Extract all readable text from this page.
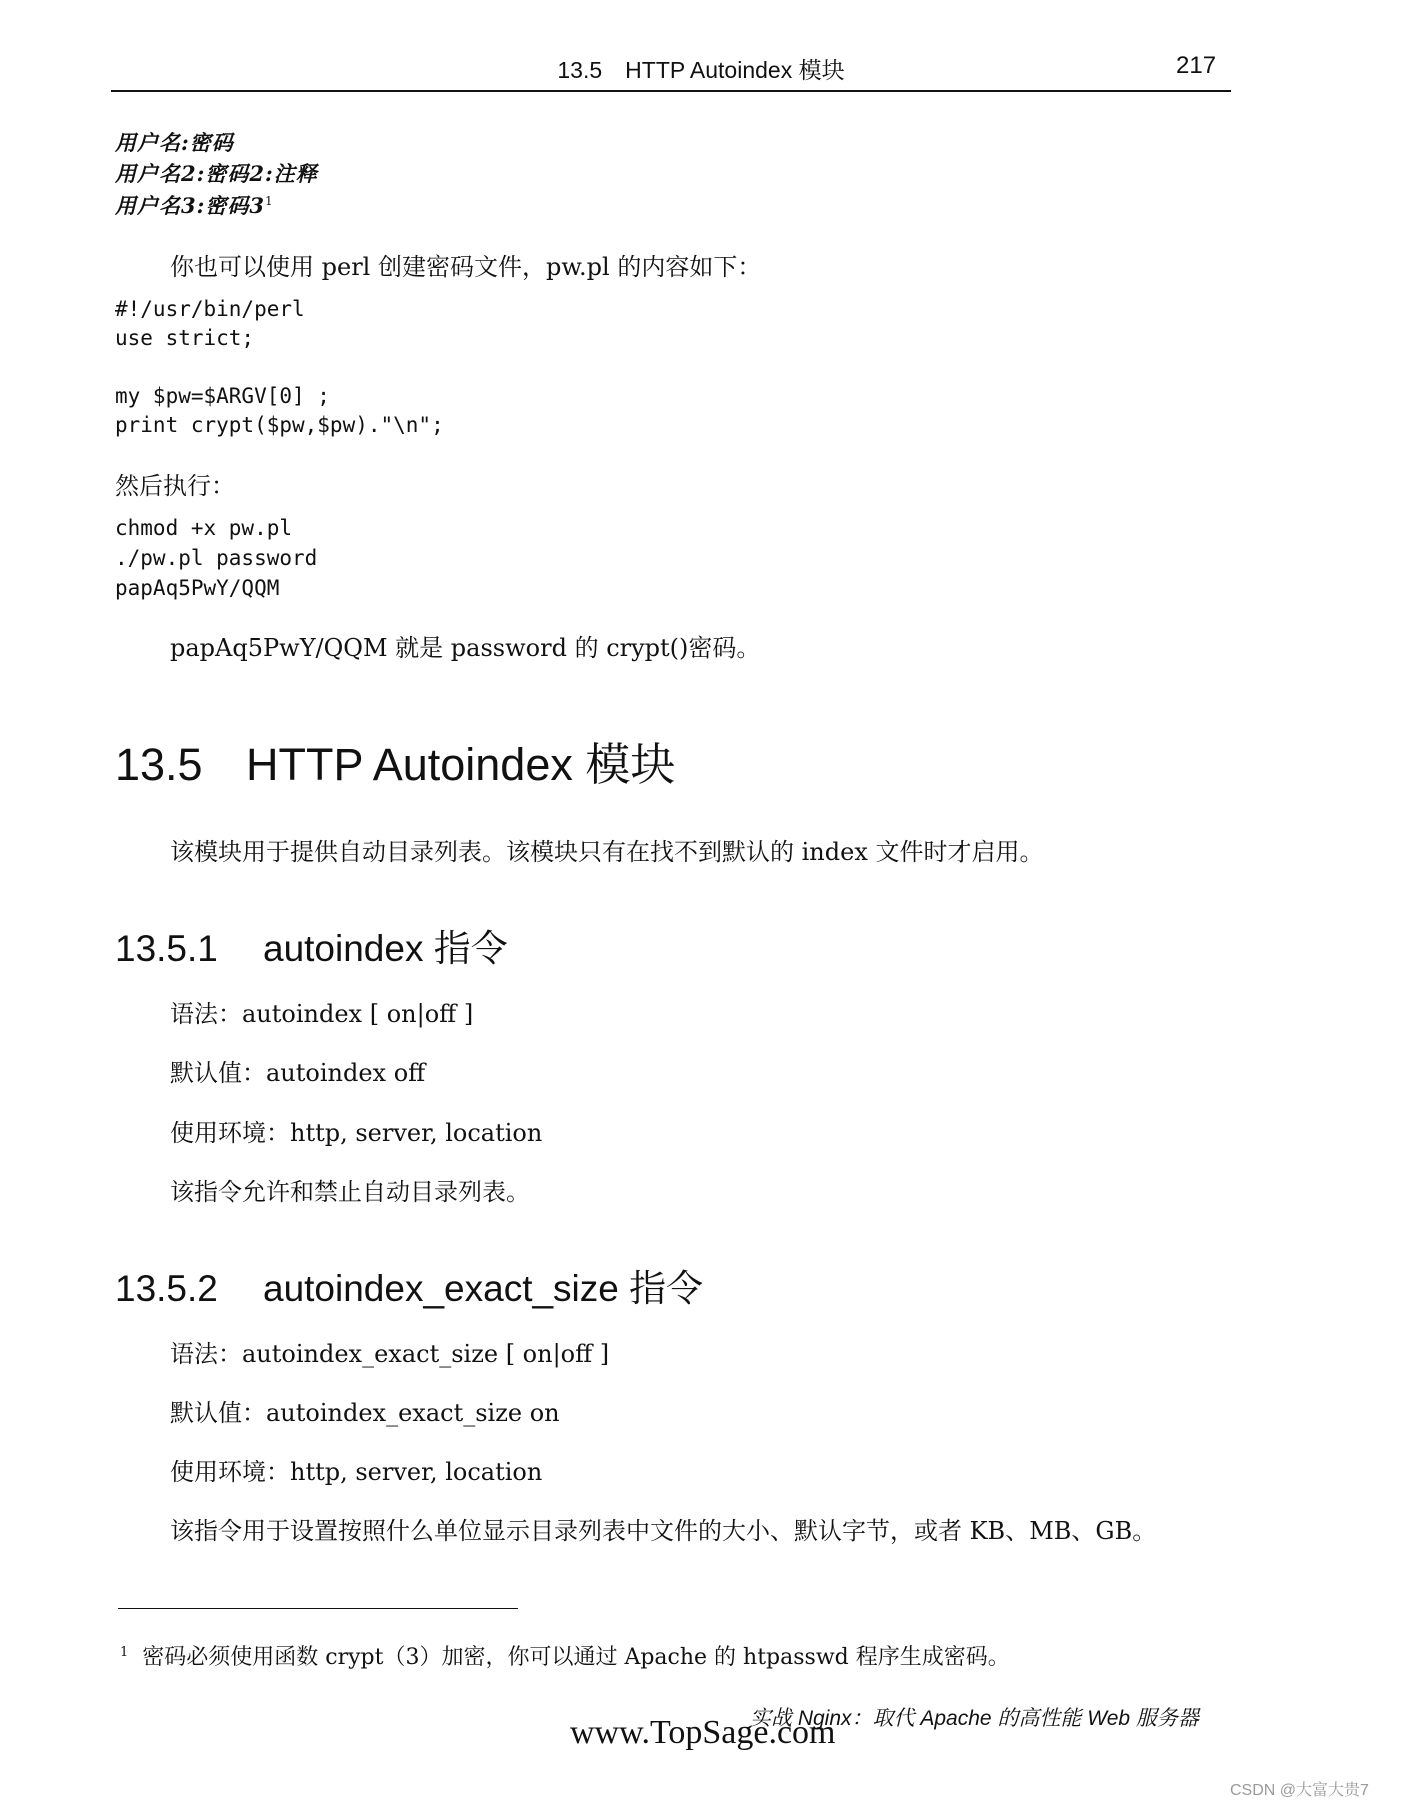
13.5　HTTP Autoindex 模块	217
用户名:密码
用户名2:密码2:注释
用户名3:密码$3^1$
你也可以使用 perl 创建密码文件，pw.pl 的内容如下：
#!/usr/bin/perl
use strict;
my $pw=$ARGV[0] ;
print crypt($pw,$pw)."\n";
然后执行：
chmod +x pw.pl
./pw.pl password
papAq5PwY/QQM
papAq5PwY/QQM 就是 password 的 crypt()密码。
13.5 HTTP Autoindex 模块
该模块用于提供自动目录列表。该模块只有在找不到默认的 index 文件时才启用。
13.5.1 autoindex 指令
语法：autoindex [ on|off ]
默认值：autoindex off
使用环境：http, server, location
该指令允许和禁止自动目录列表。
13.5.2 autoindex_exact_size 指令
语法：autoindex_exact_size [ on|off ]
默认值：autoindex_exact_size on
使用环境：http, server, location
该指令用于设置按照什么单位显示目录列表中文件的大小、默认字节，或者 KB、MB、GB。
$^1$ 密码必须使用函数 crypt（3）加密，你可以通过 Apache 的 htpasswd 程序生成密码。
实战 Nginx：取代 Apache 的高性能 Web 服务器
www.TopSage.com
CSDN @大富大贵7
